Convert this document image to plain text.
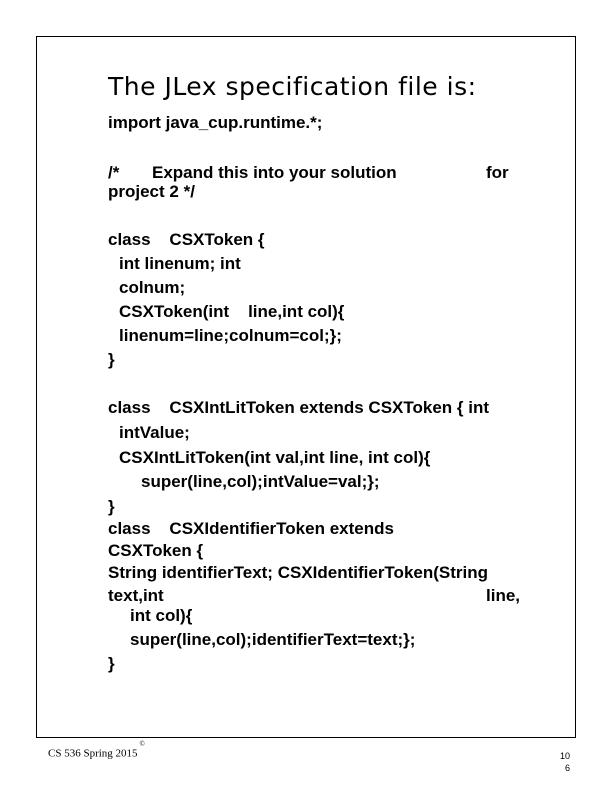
The JLex specification file is:
import java_cup.runtime.*;
/* Expand this into your solution	for
project 2 */
class    CSXToken {
int linenum; int
colnum;
CSXToken(int    line,int col){
linenum=line;colnum=col;};
}
class    CSXIntLitToken extends CSXToken { int
intValue;
CSXIntLitToken(int val,int line, int col){
super(line,col);intValue=val;};
}
class    CSXIdentifierToken extends
CSXToken {
String identifierText; CSXIdentifierToken(String
text,int	line,
int col){
super(line,col);identifierText=text;};
}
CS 536 Spring 2015©
10
6
